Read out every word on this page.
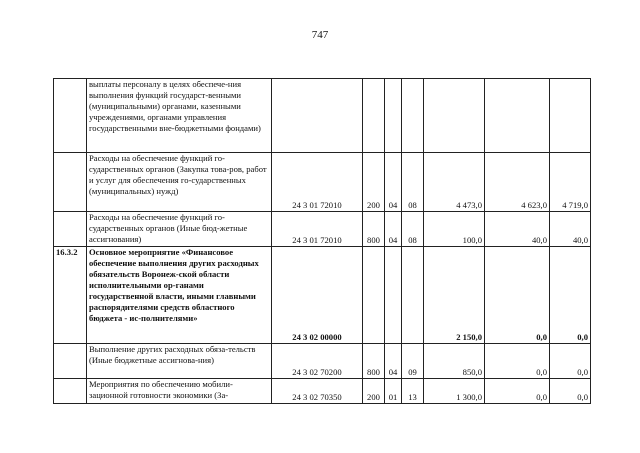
747
	выплаты персоналу в целях обеспече-ния выполнения функций государст-венными (муниципальными) органами, казенными учреждениями, органами управления государственными вне-бюджетными фондами)							
	Расходы на обеспечение функций го-сударственных органов (Закупка това-ров, работ и услуг для обеспечения го-сударственных (муниципальных) нужд)	24 3 01 72010	200	04	08	4 473,0	4 623,0	4 719,0
	Расходы на обеспечение функций го-сударственных органов (Иные бюд-жетные ассигнования)	24 3 01 72010	800	04	08	100,0	40,0	40,0
16.3.2	Основное мероприятие «Финансовое обеспечение выполнения других расходных обязательств Воронеж-ской области исполнительными ор-ганами государственной власти, иными главными распорядителями средств областного бюджета - ис-полнителями»	24 3 02 00000				2 150,0	0,0	0,0
	Выполнение других расходных обяза-тельств (Иные бюджетные ассигнова-ния)	24 3 02 70200	800	04	09	850,0	0,0	0,0
	Мероприятия по обеспечению мобили-зационной готовности экономики (За-	24 3 02 70350	200	01	13	1 300,0	0,0	0,0
